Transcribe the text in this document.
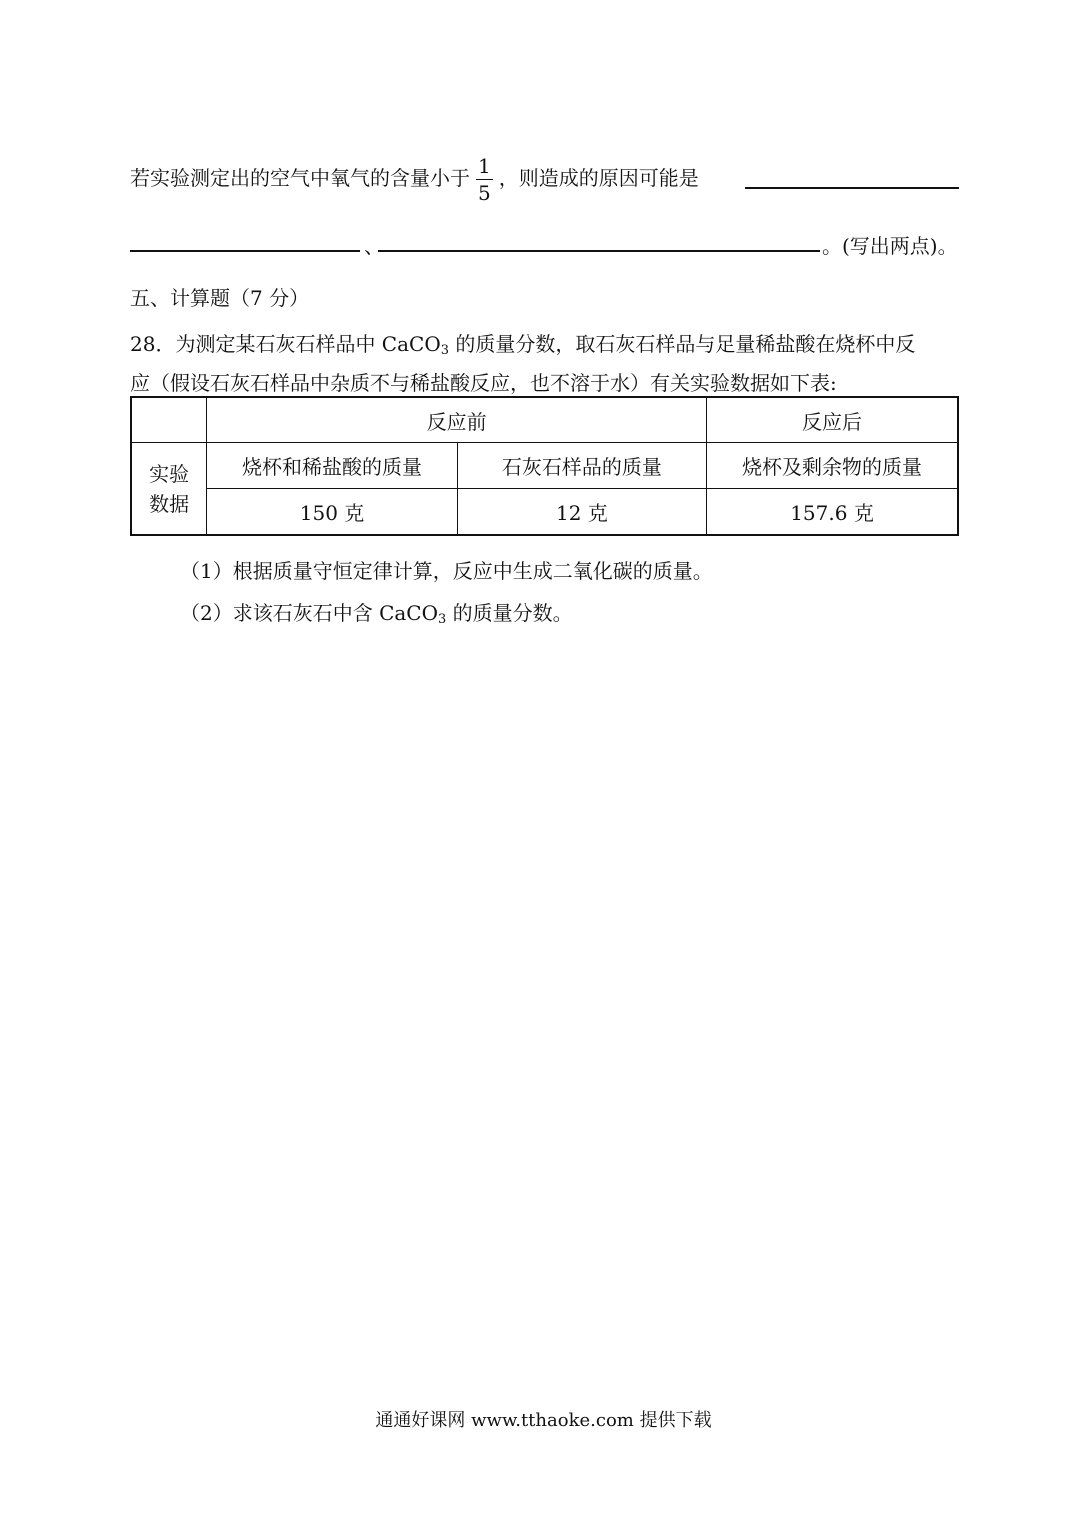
若实验测定出的空气中氧气的含量小于 $\frac{1}{5}$ ，则造成的原因可能是
、	。(写出两点)。
五、计算题（7 分）
28．为测定某石灰石样品中 CaCO$_3$ 的质量分数，取石灰石样品与足量稀盐酸在烧杯中反
应（假设石灰石样品中杂质不与稀盐酸反应，也不溶于水）有关实验数据如下表:
	反应前		反应后
实验
数据	烧杯和稀盐酸的质量	石灰石样品的质量	烧杯及剩余物的质量
	150 克	12 克	157.6 克
（1）根据质量守恒定律计算，反应中生成二氧化碳的质量。
（2）求该石灰石中含 CaCO$_3$ 的质量分数。
通通好课网 www.tthaoke.com 提供下载
